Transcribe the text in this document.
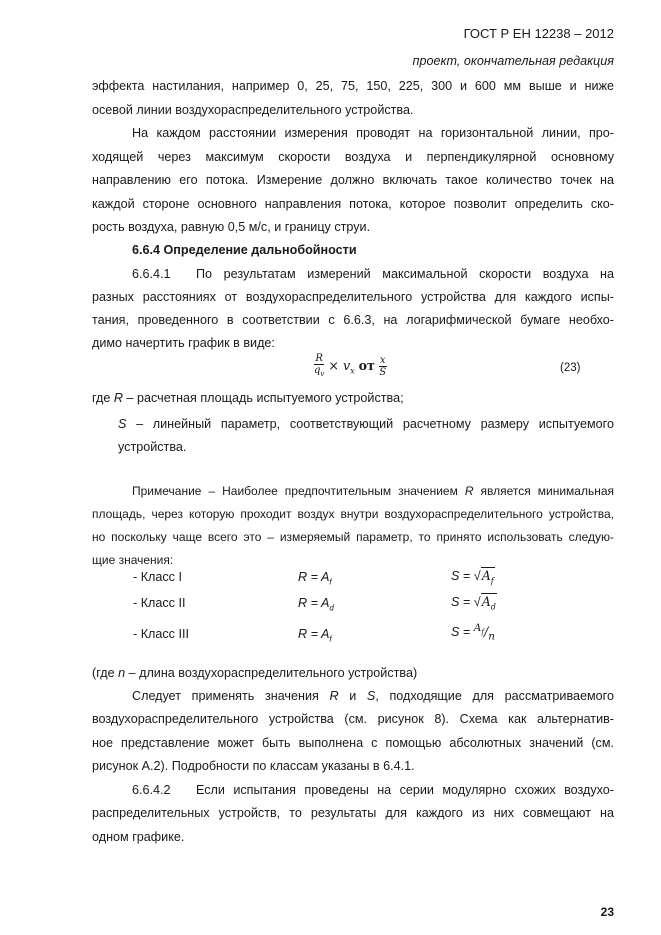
ГОСТ Р ЕН 12238 – 2012
проект, окончательная редакция
эффекта настилания, например 0, 25, 75, 150, 225, 300 и 600 мм выше и ниже
осевой линии воздухораспределительного устройства.
На каждом расстоянии измерения проводят на горизонтальной линии, про-
ходящей через максимум скорости воздуха и перпендикулярной основному
направлению его потока. Измерение должно включать такое количество точек на
каждой стороне основного направления потока, которое позволит определить ско-
рость воздуха, равную 0,5 м/с, и границу струи.
6.6.4 Определение дальнобойности
6.6.4.1	По результатам измерений максимальной скорости воздуха на
разных расстояниях от воздухораспределительного устройства для каждого испы-
тания, проведенного в соответствии с 6.6.3, на логарифмической бумаге необхо-
димо начертить график в виде:
$\frac{R}{q_v} \times v_x$ от $\frac{x}{S}$	(23)
где R – расчетная площадь испытуемого устройства;
S – линейный параметр, соответствующий расчетному размеру испытуемого
устройства.
Примечание – Наиболее предпочтительным значением R является минимальная
площадь, через которую проходит воздух внутри воздухораспределительного устройства,
но поскольку чаще всего это – измеряемый параметр, то принято использовать следую-
щие значения:
- Класс I	$R = A_f$	$S = √A_f$
- Класс II	$R = A_d$	$S = √A_d$
- Класс III	$R = A_f$	$S = ^{A_f}/_n$
(где n – длина воздухораспределительного устройства)
Следует применять значения R и S, подходящие для рассматриваемого
воздухораспределительного устройства (см. рисунок 8). Схема как альтернатив-
ное представление может быть выполнена с помощью абсолютных значений (см.
рисунок А.2). Подробности по классам указаны в 6.4.1.
6.6.4.2	Если испытания проведены на серии модулярно схожих воздухо-
распределительных устройств, то результаты для каждого из них совмещают на
одном графике.
23
